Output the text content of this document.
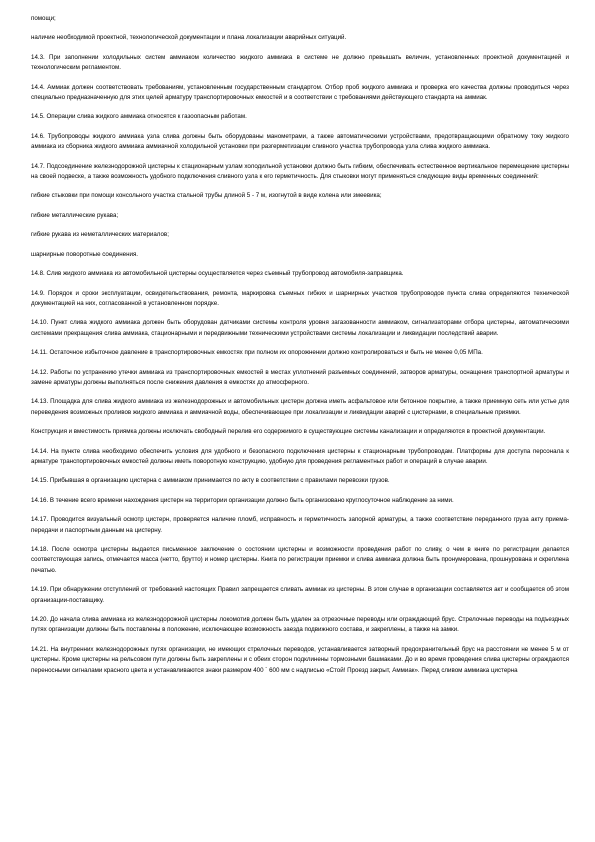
помощи;

наличие необходимой проектной, технологической документации и плана локализации аварийных ситуаций.

14.3. При заполнении холодильных систем аммиаком количество жидкого аммиака в системе не должно превышать величин, установленных проектной документацией и технологическим регламентом.

14.4. Аммиак должен соответствовать требованиям, установленным государственным стандартом. Отбор проб жидкого аммиака и проверка его качества должны проводиться через специально предназначенную для этих целей арматуру транспортировочных емкостей и в соответствии с требованиями действующего стандарта на аммиак.

14.5. Операции слива жидкого аммиака относятся к газоопасным работам.

14.6. Трубопроводы жидкого аммиака узла слива должны быть оборудованы манометрами, а также автоматическими устройствами, предотвращающими обратному току жидкого аммиака из сборника жидкого аммиака аммиачной холодильной установки при разгерметизации сливного участка трубопровода узла слива жидкого аммиака.

14.7. Подсоединение железнодорожной цистерны к стационарным узлам холодильной установки должно быть гибким, обеспечивать естественное вертикальное перемещение цистерны на своей подвеске, а также возможность удобного подключения сливного узла к его герметичность. Для стыковки могут применяться следующие виды временных соединений:

гибкие стыковки при помощи консольного участка стальной трубы длиной 5 - 7 м, изогнутой в виде колена или змеевика;

гибкие металлические рукава;

гибкие рукава из неметаллических материалов;

шарнирные поворотные соединения.

14.8. Слив жидкого аммиака из автомобильной цистерны осуществляется через съемный трубопровод автомобиля-заправщика.

14.9. Порядок и сроки эксплуатации, освидетельствования, ремонта, маркировка съемных гибких и шарнирных участков трубопроводов пункта слива определяются технической документацией на них, согласованной в установленном порядке.

14.10. Пункт слива жидкого аммиака должен быть оборудован датчиками системы контроля уровня загазованности аммиаком, сигнализаторами отбора цистерны, автоматическими системами прекращения слива аммиака, стационарными и передвижными техническими устройствами системы локализации и ликвидации последствий аварии.

14.11. Остаточное избыточное давление в транспортировочных емкостях при полном их опорожнении должно контролироваться и быть не менее 0,05 МПа.

14.12. Работы по устранению утечки аммиака из транспортировочных емкостей в местах уплотнений разъемных соединений, затворов арматуры, оснащения транспортной арматуры и замене арматуры должны выполняться после снижения давления в емкостях до атмосферного.

14.13. Площадка для слива жидкого аммиака из железнодорожных и автомобильных цистерн должна иметь асфальтовое или бетонное покрытие, а также приемную сеть или устье для переведения возможных проливов жидкого аммиака и аммиачной воды, обеспечивающее при локализации и ликвидации аварий с цистернами, в специальные приямки.

Конструкция и вместимость приямка должны исключать свободный перелив его содержимого в существующие системы канализации и определяются в проектной документации.

14.14. На пункте слива необходимо обеспечить условия для удобного и безопасного подключения цистерны к стационарным трубопроводам. Платформы для доступа персонала к арматуре транспортировочных емкостей должны иметь поворотную конструкцию, удобную для проведения регламентных работ и операций в случае аварии.

14.15. Прибывшая в организацию цистерна с аммиаком принимается по акту в соответствии с правилами перевозки грузов.

14.16. В течение всего времени нахождения цистерн на территории организации должно быть организовано круглосуточное наблюдение за ними.

14.17. Проводится визуальный осмотр цистерн, проверяется наличие пломб, исправность и герметичность запорной арматуры, а также соответствие переданного груза акту приема-передачи и паспортным данным на цистерну.

14.18. После осмотра цистерны выдается письменное заключение о состоянии цистерны и возможности проведения работ по сливу, о чем в книге по регистрации делается соответствующая запись, отмечается масса (нетто, брутто) и номер цистерны. Книга по регистрации приемки и слива аммиака должна быть пронумерована, прошнурована и скреплена печатью.

14.19. При обнаружении отступлений от требований настоящих Правил запрещается сливать аммиак из цистерны. В этом случае в организации составляется акт и сообщается об этом организации-поставщику.

14.20. До начала слива аммиака из железнодорожной цистерны локомотив должен быть удален за отрезочные переводы или ограждающий брус. Стрелочные переводы на подъездных путях организации должны быть поставлены в положение, исключающее возможность заезда подвижного состава, и закреплены, а также на замки.

14.21. На внутренних железнодорожных путях организации, не имеющих стрелочных переводов, устанавливается затворный предохранительный брус на расстоянии не менее 5 м от цистерны. Кроме цистерны на рельсовом пути должны быть закреплены и с обеих сторон подклинены тормозными башмаками. До и во время проведения слива цистерны ограждаются переносными сигналами красного цвета и устанавливаются знаки размером 400 ´ 600 мм с надписью «Стой! Проезд закрыт, Аммиак». Перед сливом аммиака цистерна
